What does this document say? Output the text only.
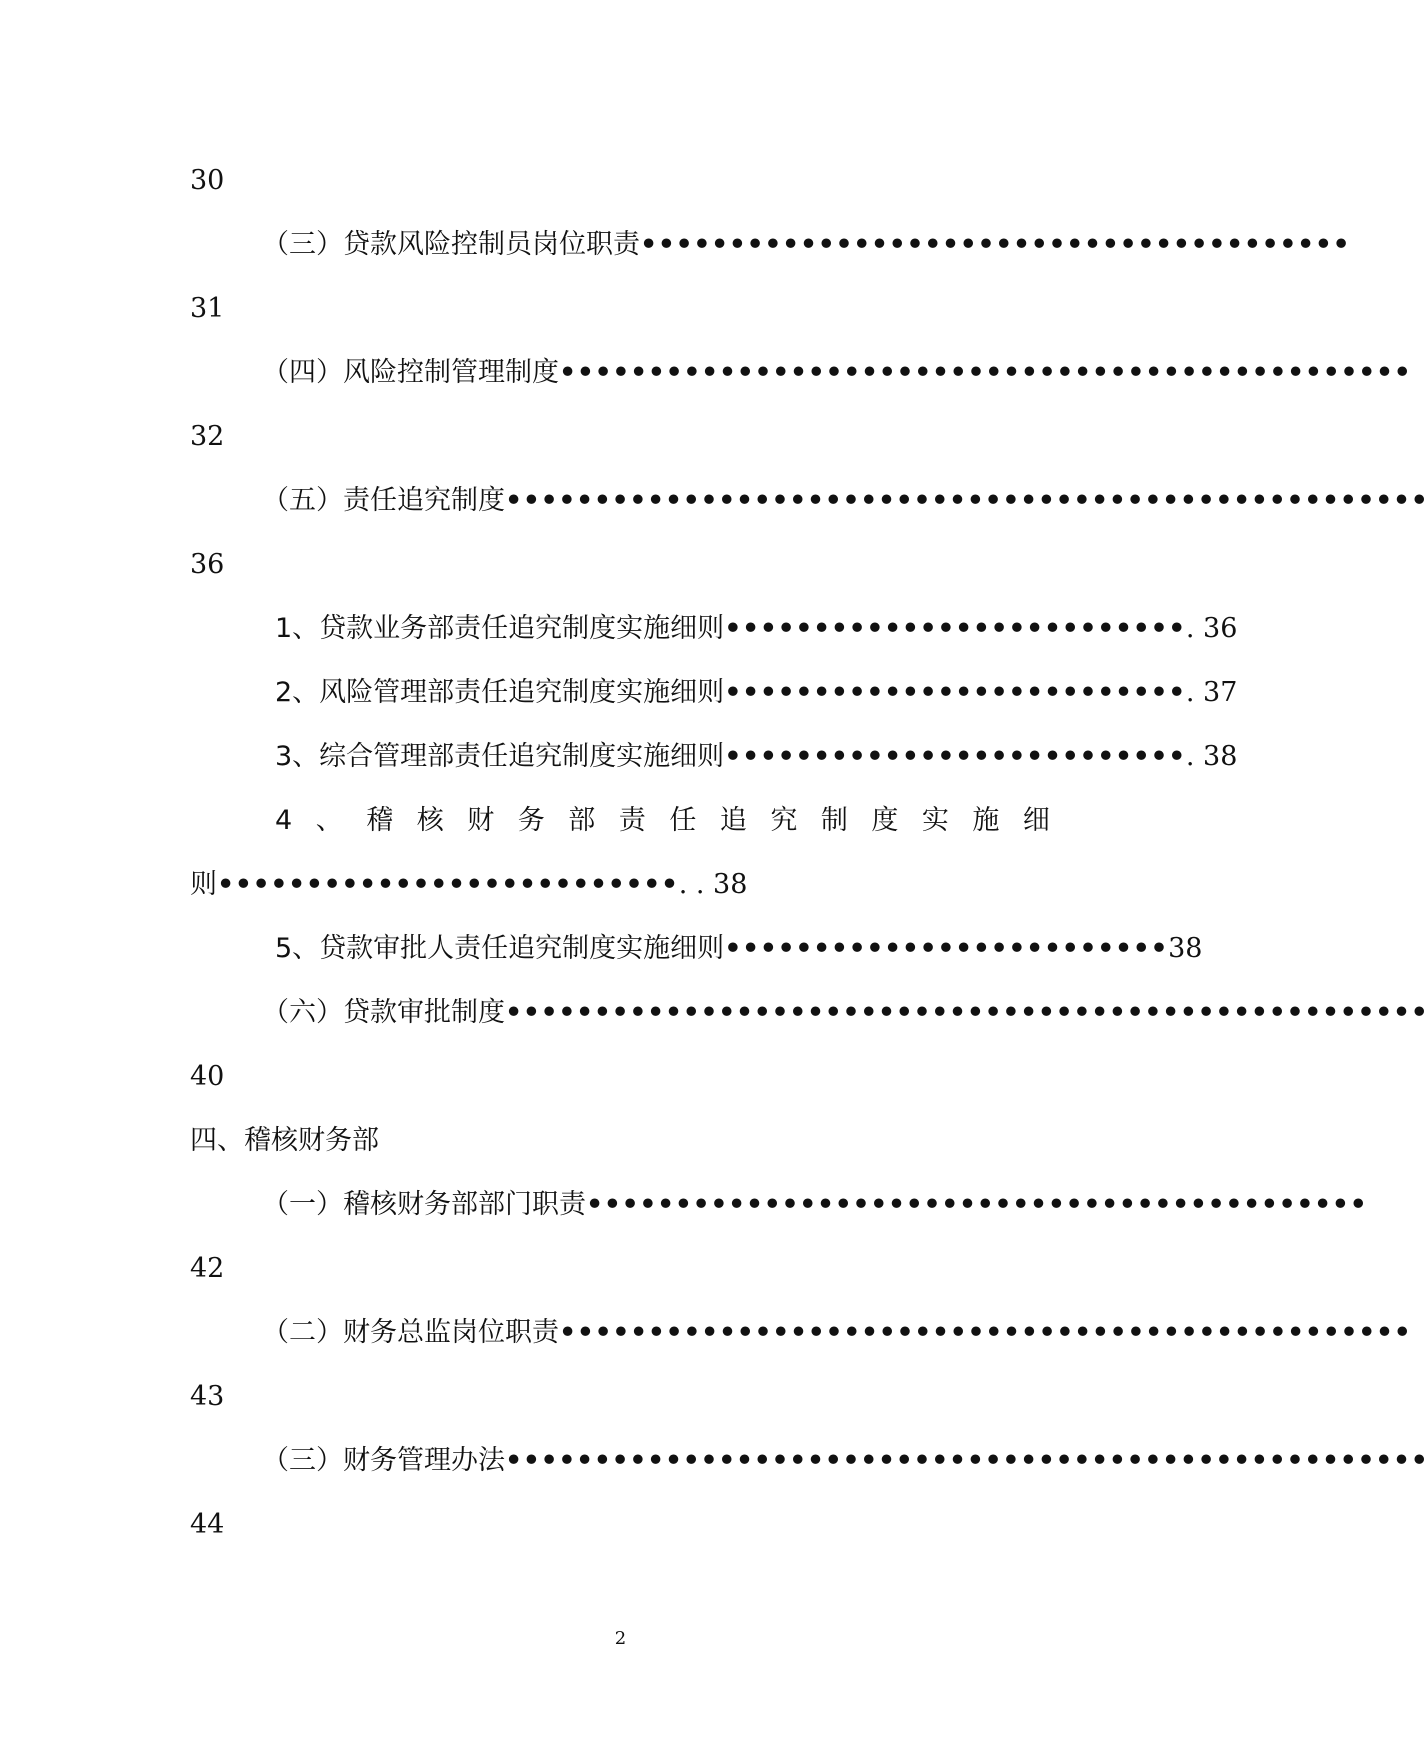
30
（三）贷款风险控制员岗位职责••••••••••••••••••••••••••••••••••••••••
31
（四）风险控制管理制度••••••••••••••••••••••••••••••••••••••••••••••••
32
（五）责任追究制度••••••••••••••••••••••••••••••••••••••••••••••••••••
36
1、贷款业务部责任追究制度实施细则••••••••••••••••••••••••••. 36
2、风险管理部责任追究制度实施细则••••••••••••••••••••••••••. 37
3、综合管理部责任追究制度实施细则••••••••••••••••••••••••••. 38
4 、 稽 核 财 务 部 责 任 追 究 制 度 实 施 细
则••••••••••••••••••••••••••. . 38
5、贷款审批人责任追究制度实施细则•••••••••••••••••••••••••38
（六）贷款审批制度••••••••••••••••••••••••••••••••••••••••••••••••••••
40
四、稽核财务部
（一）稽核财务部部门职责••••••••••••••••••••••••••••••••••••••••••••
42
（二）财务总监岗位职责••••••••••••••••••••••••••••••••••••••••••••••••
43
（三）财务管理办法••••••••••••••••••••••••••••••••••••••••••••••••••••
44
2
